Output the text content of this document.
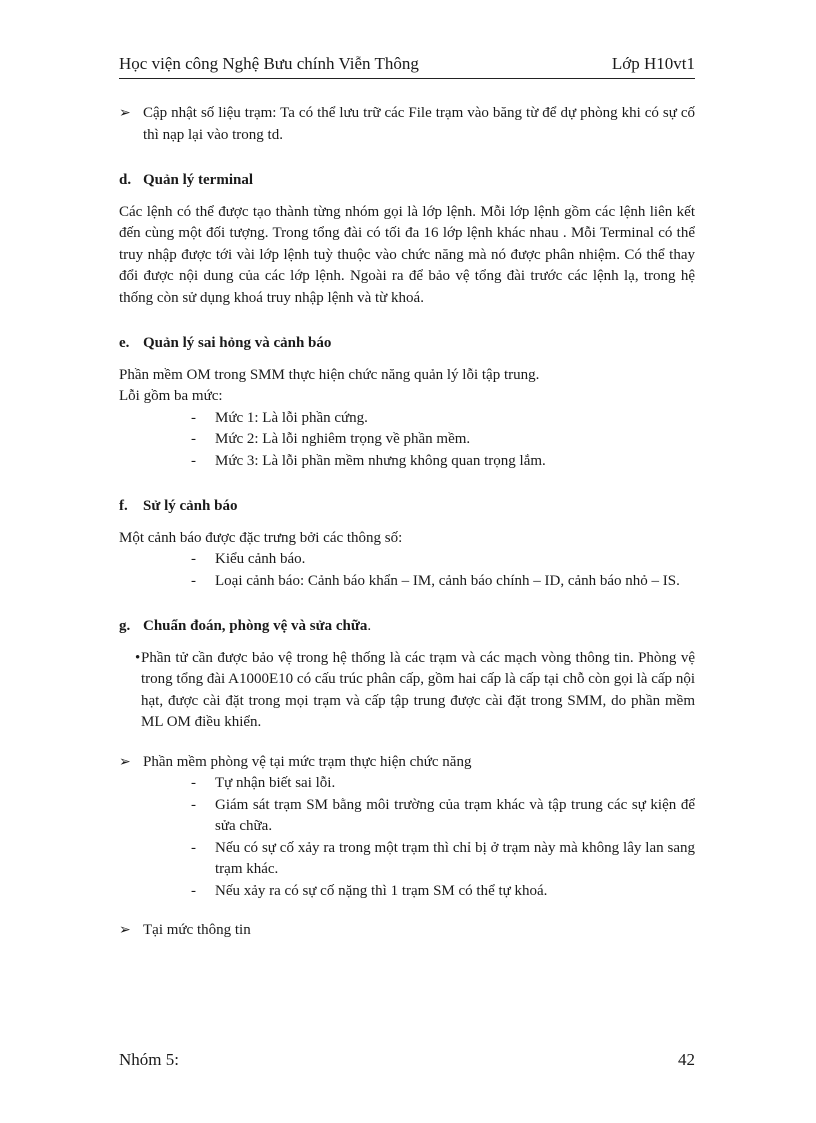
Học viện công Nghệ Bưu chính Viễn Thông	Lớp H10vt1
➢ Cập nhật số liệu trạm: Ta có thể lưu trữ các File trạm vào băng từ để dự phòng khi có sự cố thì nạp lại vào trong td.
d. Quản lý terminal

Các lệnh có thể được tạo thành từng nhóm gọi là lớp lệnh. Mỗi lớp lệnh gồm các lệnh liên kết đến cùng một đối tượng. Trong tổng đài có tối đa 16 lớp lệnh khác nhau . Mỗi Terminal có thể truy nhập được tới vài lớp lệnh tuỳ thuộc vào chức năng mà nó được phân nhiệm. Có thể thay đổi được nội dung của các lớp lệnh. Ngoài ra để bảo vệ tổng đài trước các lệnh lạ, trong hệ thống còn sử dụng khoá truy nhập lệnh và từ khoá.

e. Quản lý sai hỏng và cảnh báo

Phần mềm OM trong SMM thực hiện chức năng quản lý lỗi tập trung.

Lỗi gồm ba mức:

- Mức 1: Là lỗi phần cứng.
- Mức 2: Là lỗi nghiêm trọng về phần mềm.
- Mức 3: Là lỗi phần mềm nhưng không quan trọng lắm.
f. Sử lý cảnh báo

Một cảnh báo được đặc trưng bởi các thông số:

- Kiểu cảnh báo.
- Loại cảnh báo: Cảnh báo khẩn – IM, cảnh báo chính – ID, cảnh báo nhỏ – IS.
g. Chuẩn đoán, phòng vệ và sửa chữa.
• Phần tử cần được bảo vệ trong hệ thống là các trạm và các mạch vòng thông tin. Phòng vệ trong tổng đài A1000E10 có cấu trúc phân cấp, gồm hai cấp là cấp tại chỗ còn gọi là cấp nội hạt, được cài đặt trong mọi trạm và cấp tập trung được cài đặt trong SMM, do phần mềm ML OM điều khiển.
➢ Phần mềm phòng vệ tại mức trạm thực hiện chức năng
- Tự nhận biết sai lỗi.
- Giám sát trạm SM bằng môi trường của trạm khác và tập trung các sự kiện để sửa chữa.
- Nếu có sự cố xảy ra trong một trạm thì chỉ bị ở trạm này mà không lây lan sang trạm khác.
- Nếu xảy ra có sự cố nặng thì 1 trạm SM có thể tự khoá.
➢ Tại mức thông tin
Nhóm 5:	42
